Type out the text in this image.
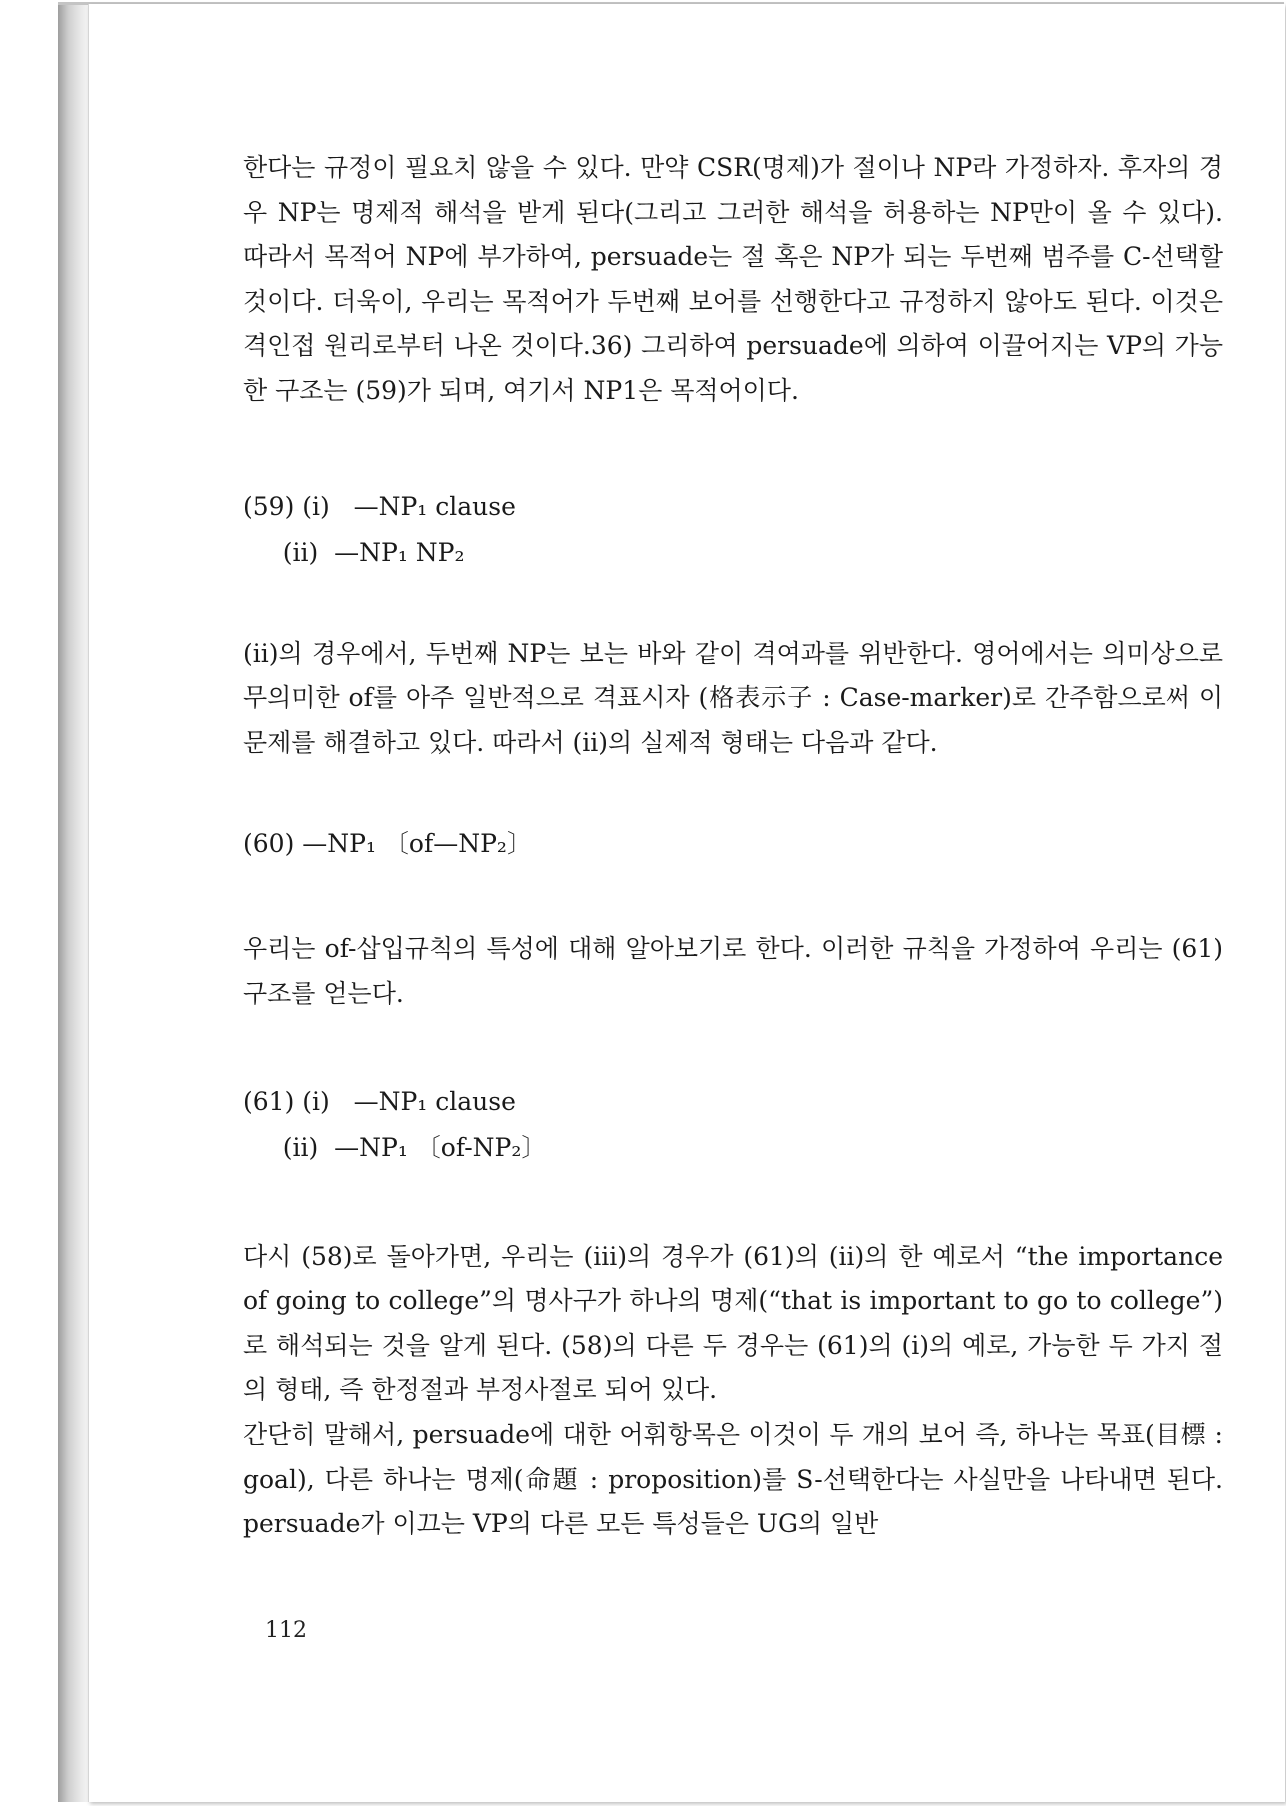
한다는 규정이 필요치 않을 수 있다. 만약 CSR(명제)가 절이나 NP라 가정하자. 후자의 경우 NP는 명제적 해석을 받게 된다(그리고 그러한 해석을 허용하는 NP만이 올 수 있다). 따라서 목적어 NP에 부가하여, persuade는 절 혹은 NP가 되는 두번째 범주를 C-선택할 것이다. 더욱이, 우리는 목적어가 두번째 보어를 선행한다고 규정하지 않아도 된다. 이것은 격인접 원리로부터 나온 것이다.36) 그리하여 persuade에 의하여 이끌어지는 VP의 가능한 구조는 (59)가 되며, 여기서 NP1은 목적어이다.

(59) (i)   —NP₁ clause

(ii)  —NP₁ NP₂

(ii)의 경우에서, 두번째 NP는 보는 바와 같이 격여과를 위반한다. 영어에서는 의미상으로 무의미한 of를 아주 일반적으로 격표시자 (格表示子 : Case-marker)로 간주함으로써 이 문제를 해결하고 있다. 따라서 (ii)의 실제적 형태는 다음과 같다.

(60) —NP₁ 〔of—NP₂〕

우리는 of-삽입규칙의 특성에 대해 알아보기로 한다. 이러한 규칙을 가정하여 우리는 (61)구조를 얻는다.

(61) (i)   —NP₁ clause

(ii)  —NP₁ 〔of-NP₂〕

다시 (58)로 돌아가면, 우리는 (iii)의 경우가 (61)의 (ii)의 한 예로서 “the importance of going to college”의 명사구가 하나의 명제(“that is important to go to college”)로 해석되는 것을 알게 된다. (58)의 다른 두 경우는 (61)의 (i)의 예로, 가능한 두 가지 절의 형태, 즉 한정절과 부정사절로 되어 있다.

간단히 말해서, persuade에 대한 어휘항목은 이것이 두 개의 보어 즉, 하나는 목표(目標 : goal), 다른 하나는 명제(命題 : proposition)를 S-선택한다는 사실만을 나타내면 된다. persuade가 이끄는 VP의 다른 모든 특성들은 UG의 일반

112
